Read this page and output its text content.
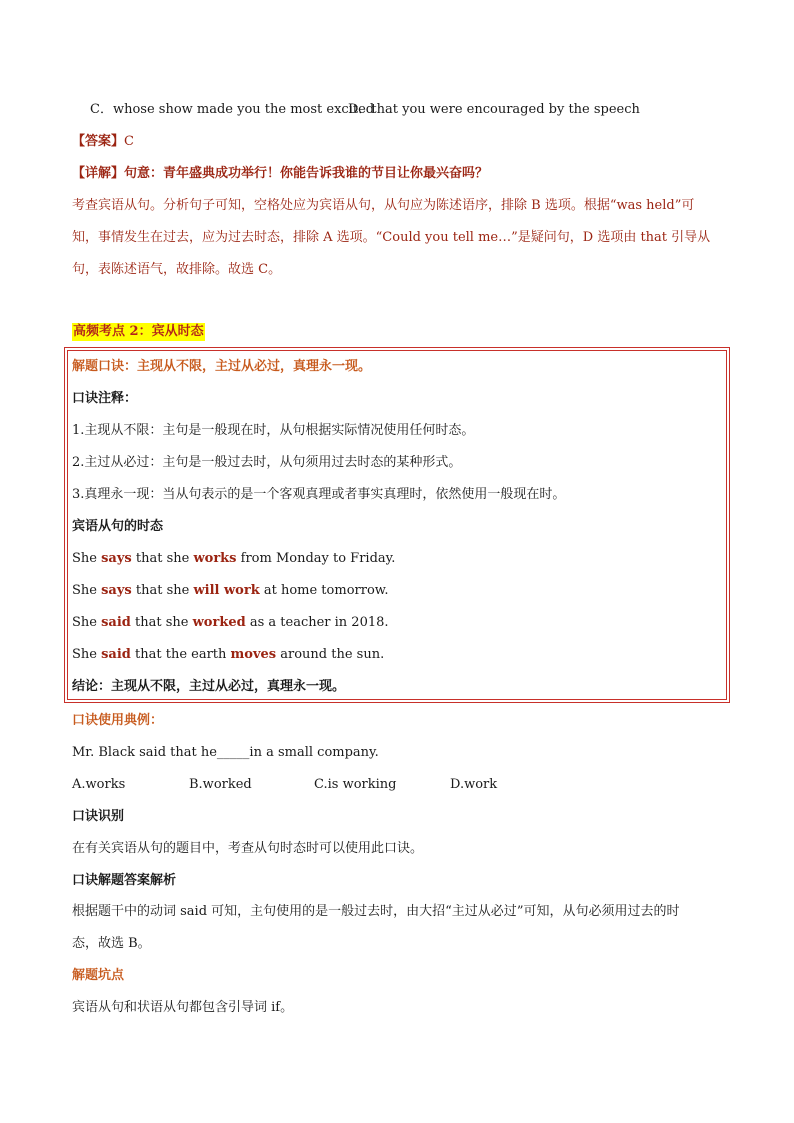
C．whose show made you the most excited
D．that you were encouraged by the speech
【答案】C
【详解】句意：青年盛典成功举行！你能告诉我谁的节目让你最兴奋吗？
考查宾语从句。分析句子可知，空格处应为宾语从句，从句应为陈述语序，排除 B 选项。根据“was held”可
知，事情发生在过去，应为过去时态，排除 A 选项。“Could you tell me…”是疑问句，D 选项由 that 引导从
句，表陈述语气，故排除。故选 C。
高频考点 2：宾从时态
解题口诀：主现从不限，主过从必过，真理永一现。
口诀注释：
1.主现从不限：主句是一般现在时，从句根据实际情况使用任何时态。
2.主过从必过：主句是一般过去时，从句须用过去时态的某种形式。
3.真理永一现：当从句表示的是一个客观真理或者事实真理时，依然使用一般现在时。
宾语从句的时态
She says that she works from Monday to Friday.
She says that she will work at home tomorrow.
She said that she worked as a teacher in 2018.
She said that the earth moves around the sun.
结论：主现从不限，主过从必过，真理永一现。
口诀使用典例：
Mr. Black said that he_____in a small company.
A.works	B.worked	C.is working	D.work
口诀识别
在有关宾语从句的题目中，考查从句时态时可以使用此口诀。
口诀解题答案解析
根据题干中的动词 said 可知，主句使用的是一般过去时，由大招“主过从必过”可知，从句必须用过去的时
态，故选 B。
解题坑点
宾语从句和状语从句都包含引导词 if。
